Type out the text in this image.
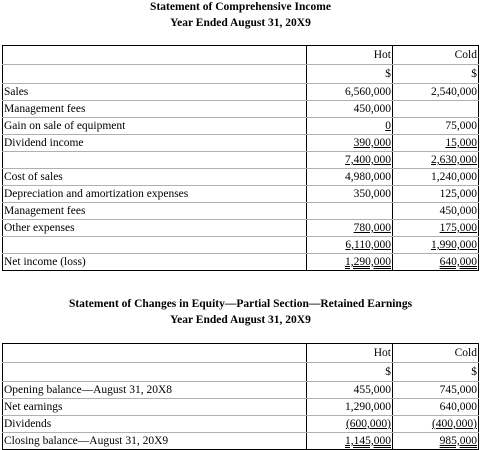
Statement of Comprehensive Income
Year Ended August 31, 20X9
	Hot	Cold
	$	$
Sales	6,560,000	2,540,000
Management fees	450,000	
Gain on sale of equipment	0	75,000
Dividend income	390,000	15,000
	7,400,000	2,630,000
Cost of sales	4,980,000	1,240,000
Depreciation and amortization expenses	350,000	125,000
Management fees		450,000
Other expenses	780,000	175,000
	6,110,000	1,990,000
Net income (loss)	1,290,000	640,000
Statement of Changes in Equity—Partial Section—Retained Earnings
Year Ended August 31, 20X9
	Hot	Cold
	$	$
Opening balance—August 31, 20X8	455,000	745,000
Net earnings	1,290,000	640,000
Dividends	(600,000)	(400,000)
Closing balance—August 31, 20X9	1,145,000	985,000
